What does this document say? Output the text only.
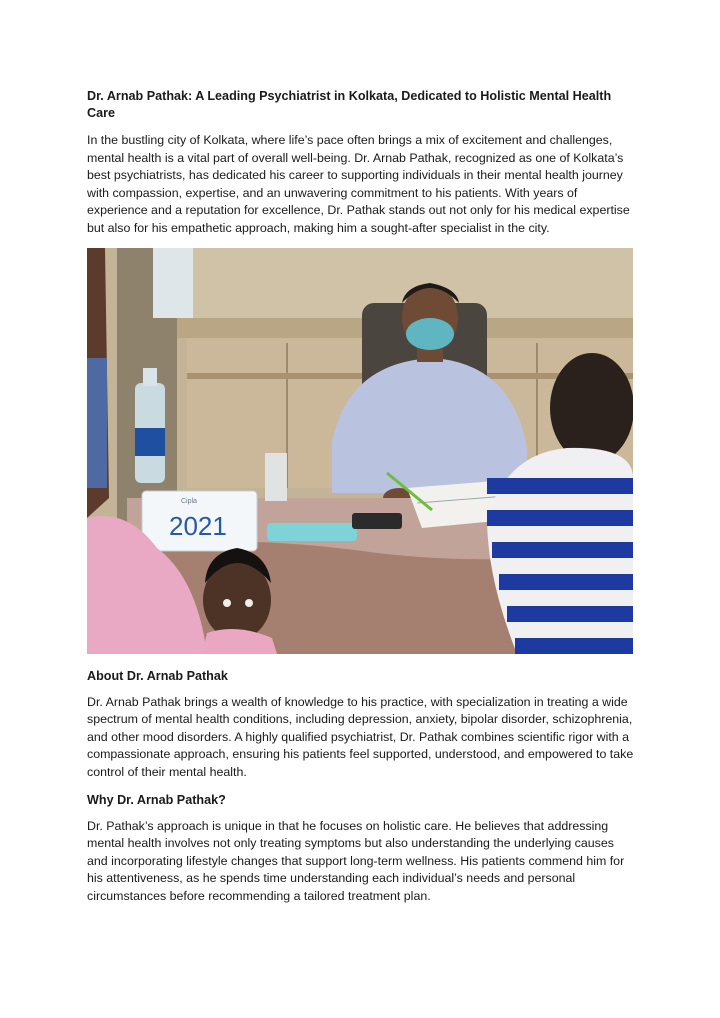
Dr. Arnab Pathak: A Leading Psychiatrist in Kolkata, Dedicated to Holistic Mental Health Care

In the bustling city of Kolkata, where life’s pace often brings a mix of excitement and challenges, mental health is a vital part of overall well-being. Dr. Arnab Pathak, recognized as one of Kolkata’s best psychiatrists, has dedicated his career to supporting individuals in their mental health journey with compassion, expertise, and an unwavering commitment to his patients. With years of experience and a reputation for excellence, Dr. Pathak stands out not only for his medical expertise but also for his empathetic approach, making him a sought-after specialist in the city.

Cipla
2021
About Dr. Arnab Pathak

Dr. Arnab Pathak brings a wealth of knowledge to his practice, with specialization in treating a wide spectrum of mental health conditions, including depression, anxiety, bipolar disorder, schizophrenia, and other mood disorders. A highly qualified psychiatrist, Dr. Pathak combines scientific rigor with a compassionate approach, ensuring his patients feel supported, understood, and empowered to take control of their mental health.

Why Dr. Arnab Pathak?

Dr. Pathak’s approach is unique in that he focuses on holistic care. He believes that addressing mental health involves not only treating symptoms but also understanding the underlying causes and incorporating lifestyle changes that support long-term wellness. His patients commend him for his attentiveness, as he spends time understanding each individual’s needs and personal circumstances before recommending a tailored treatment plan.
